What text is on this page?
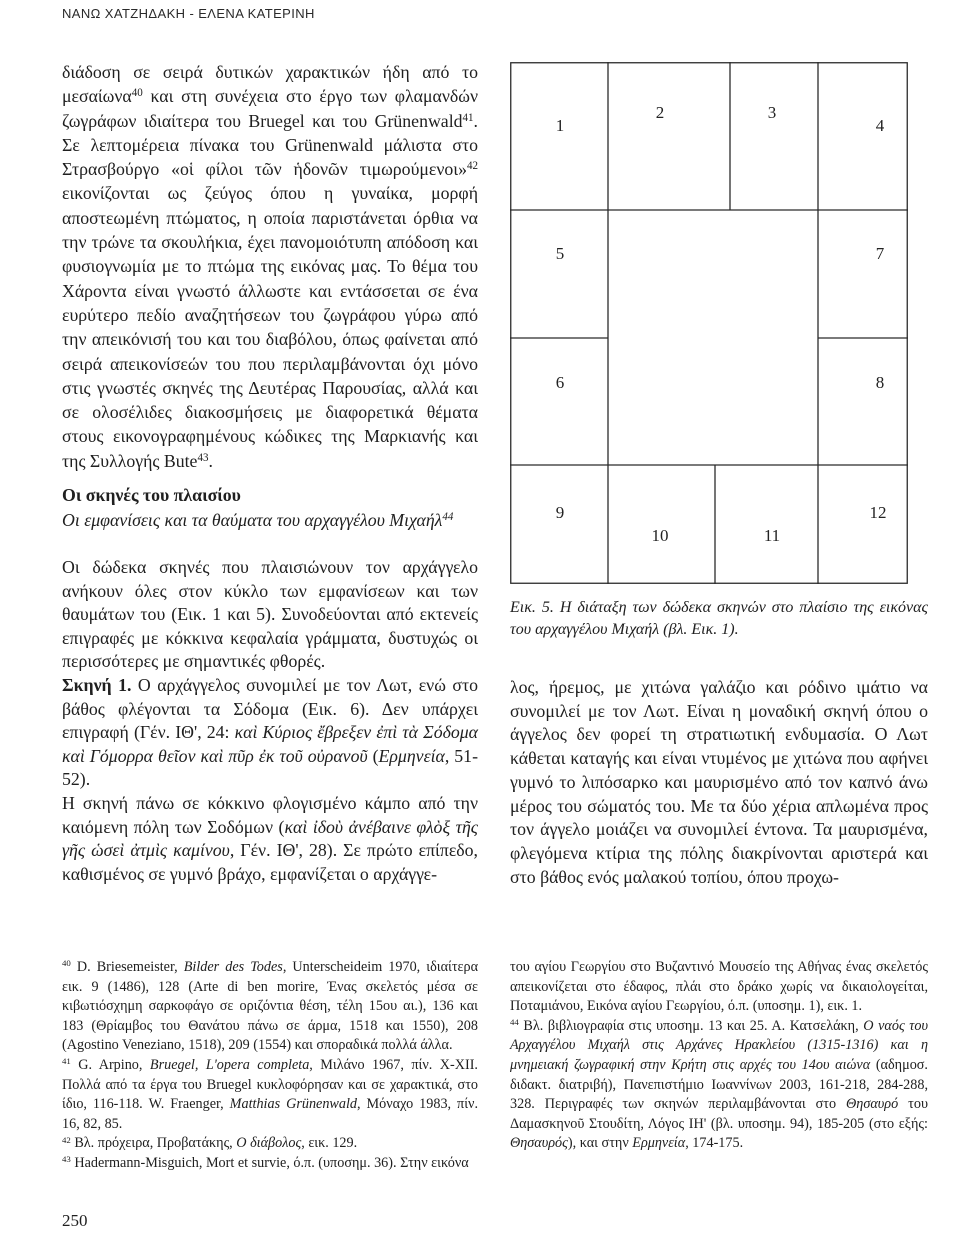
ΝΑΝΩ ΧΑΤΖΗΔΑΚΗ - ΕΛΕΝΑ ΚΑΤΕΡΙΝΗ

διάδοση σε σειρά δυτικών χαρακτικών ήδη από το μεσαίωνα$^{40}$ και στη συνέχεια στο έργο των φλαμανδών ζωγράφων ιδιαίτερα του Bruegel και του Grünenwald$^{41}$. Σε λεπτομέρεια πίνακα του Grünenwald μάλιστα στο Στρασβούργο «οἱ φίλοι τῶν ἡδονῶν τιμωρούμενοι»$^{42}$ εικονίζονται ως ζεύγος όπου η γυναίκα, μορφή αποστεωμένη πτώματος, η οποία παριστάνεται όρθια να την τρώνε τα σκουλήκια, έχει πανομοιότυπη απόδοση και φυσιογνωμία με το πτώμα της εικόνας μας. Το θέμα του Χάροντα είναι γνωστό άλλωστε και εντάσσεται σε ένα ευρύτερο πεδίο αναζητήσεων του ζωγράφου γύρω από την απεικόνισή του και του διαβόλου, όπως φαίνεται από σειρά απεικονίσεών του που περιλαμβάνονται όχι μόνο στις γνωστές σκηνές της Δευτέρας Παρουσίας, αλλά και σε ολοσέλιδες διακοσμήσεις με διαφορετικά θέματα στους εικονογραφημένους κώδικες της Μαρκιανής και της Συλλογής Bute$^{43}$.

Οι σκηνές του πλαισίου

Οι εμφανίσεις και τα θαύματα του αρχαγγέλου Μιχαήλ$^{44}$

Οι δώδεκα σκηνές που πλαισιώνουν τον αρχάγγελο ανήκουν όλες στον κύκλο των εμφανίσεων και των θαυμάτων του (Εικ. 1 και 5). Συνοδεύονται από εκτενείς επιγραφές με κόκκινα κεφαλαία γράμματα, δυστυχώς οι περισσότερες με σημαντικές φθορές.

Σκηνή 1. Ο αρχάγγελος συνομιλεί με τον Λωτ, ενώ στο βάθος φλέγονται τα Σόδομα (Εικ. 6). Δεν υπάρχει επιγραφή (Γέν. ΙΘ', 24: καὶ Κύριος ἔβρεξεν ἐπὶ τὰ Σόδομα καὶ Γόμορρα θεῖον καὶ πῦρ ἐκ τοῦ οὐρανοῦ (Ερμηνεία, 51-52).

Η σκηνή πάνω σε κόκκινο φλογισμένο κάμπο από την καιόμενη πόλη των Σοδόμων (καὶ ἰδοὺ ἀνέβαινε φλὸξ τῆς γῆς ὡσεὶ ἀτμὶς καμίνου, Γέν. ΙΘ', 28). Σε πρώτο επίπεδο, καθισμένος σε γυμνό βράχο, εμφανίζεται ο αρχάγγε-

1
2	3
4
5
6
7
8
9
10	11
12

Εικ. 5. Η διάταξη των δώδεκα σκηνών στο πλαίσιο της εικόνας του αρχαγγέλου Μιχαήλ (βλ. Εικ. 1).

λος, ήρεμος, με χιτώνα γαλάζιο και ρόδινο ιμάτιο να συνομιλεί με τον Λωτ. Είναι η μοναδική σκηνή όπου ο άγγελος δεν φορεί τη στρατιωτική ενδυμασία. Ο Λωτ κάθεται καταγής και είναι ντυμένος με χιτώνα που αφήνει γυμνό το λιπόσαρκο και μαυρισμένο από τον καπνό άνω μέρος του σώματός του. Με τα δύο χέρια απλωμένα προς τον άγγελο μοιάζει να συνομιλεί έντονα. Τα μαυρισμένα, φλεγόμενα κτίρια της πόλης διακρίνονται αριστερά και στο βάθος ενός μαλακού τοπίου, όπου προχω-

$^{40}$ D. Briesemeister, Bilder des Todes, Unterscheideim 1970, ιδιαίτερα εικ. 9 (1486), 128 (Arte di ben morire, Ένας σκελετός μέσα σε κιβωτιόσχημη σαρκοφάγο σε οριζόντια θέση, τέλη 15ου αι.), 136 και 183 (Θρίαμβος του Θανάτου πάνω σε άρμα, 1518 και 1550), 208 (Agostino Veneziano, 1518), 209 (1554) και σποραδικά πολλά άλλα.

$^{41}$ G. Arpino, Bruegel, L'opera completa, Μιλάνο 1967, πίν. X-XII. Πολλά από τα έργα του Bruegel κυκλοφόρησαν και σε χαρακτικά, στο ίδιο, 116-118. W. Fraenger, Matthias Grünenwald, Μόναχο 1983, πίν. 16, 82, 85.

$^{42}$ Βλ. πρόχειρα, Προβατάκης, Ο διάβολος, εικ. 129.

$^{43}$ Hadermann-Misguich, Mort et survie, ό.π. (υποσημ. 36). Στην εικόνα

του αγίου Γεωργίου στο Βυζαντινό Μουσείο της Αθήνας ένας σκελετός απεικονίζεται στο έδαφος, πλάι στο δράκο χωρίς να δικαιολογείται, Ποταμιάνου, Εικόνα αγίου Γεωργίου, ό.π. (υποσημ. 1), εικ. 1.

$^{44}$ Βλ. βιβλιογραφία στις υποσημ. 13 και 25. Α. Κατσελάκη, Ο ναός του Αρχαγγέλου Μιχαήλ στις Αρχάνες Ηρακλείου (1315-1316) και η μνημειακή ζωγραφική στην Κρήτη στις αρχές του 14ου αιώνα (αδημοσ. διδακτ. διατριβή), Πανεπιστήμιο Ιωαννίνων 2003, 161-218, 284-288, 328. Περιγραφές των σκηνών περιλαμβάνονται στο Θησαυρό του Δαμασκηνοῦ Στουδίτη, Λόγος ΙΗ' (βλ. υποσημ. 94), 185-205 (στο εξής: Θησαυρός), και στην Ερμηνεία, 174-175.

250
